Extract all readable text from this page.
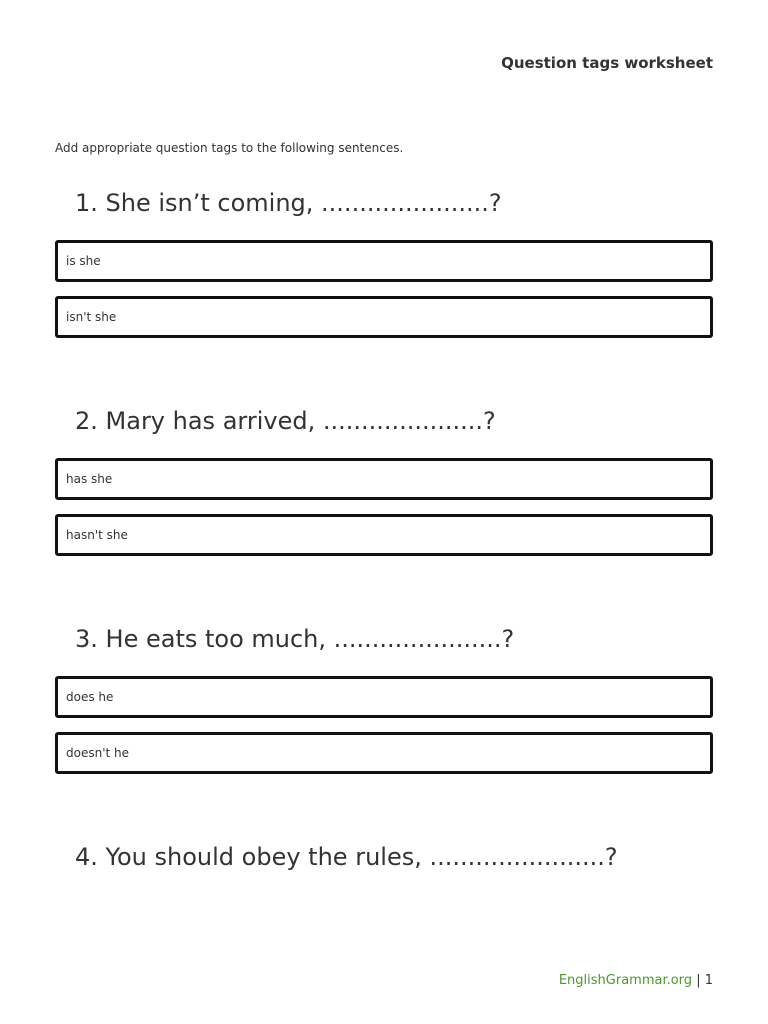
Question tags worksheet
Add appropriate question tags to the following sentences.
1. She isn’t coming, ......................?
is she
isn't she
2. Mary has arrived, .....................?
has she
hasn't she
3. He eats too much, ......................?
does he
doesn't he
4. You should obey the rules, .......................?
EnglishGrammar.org | 1
